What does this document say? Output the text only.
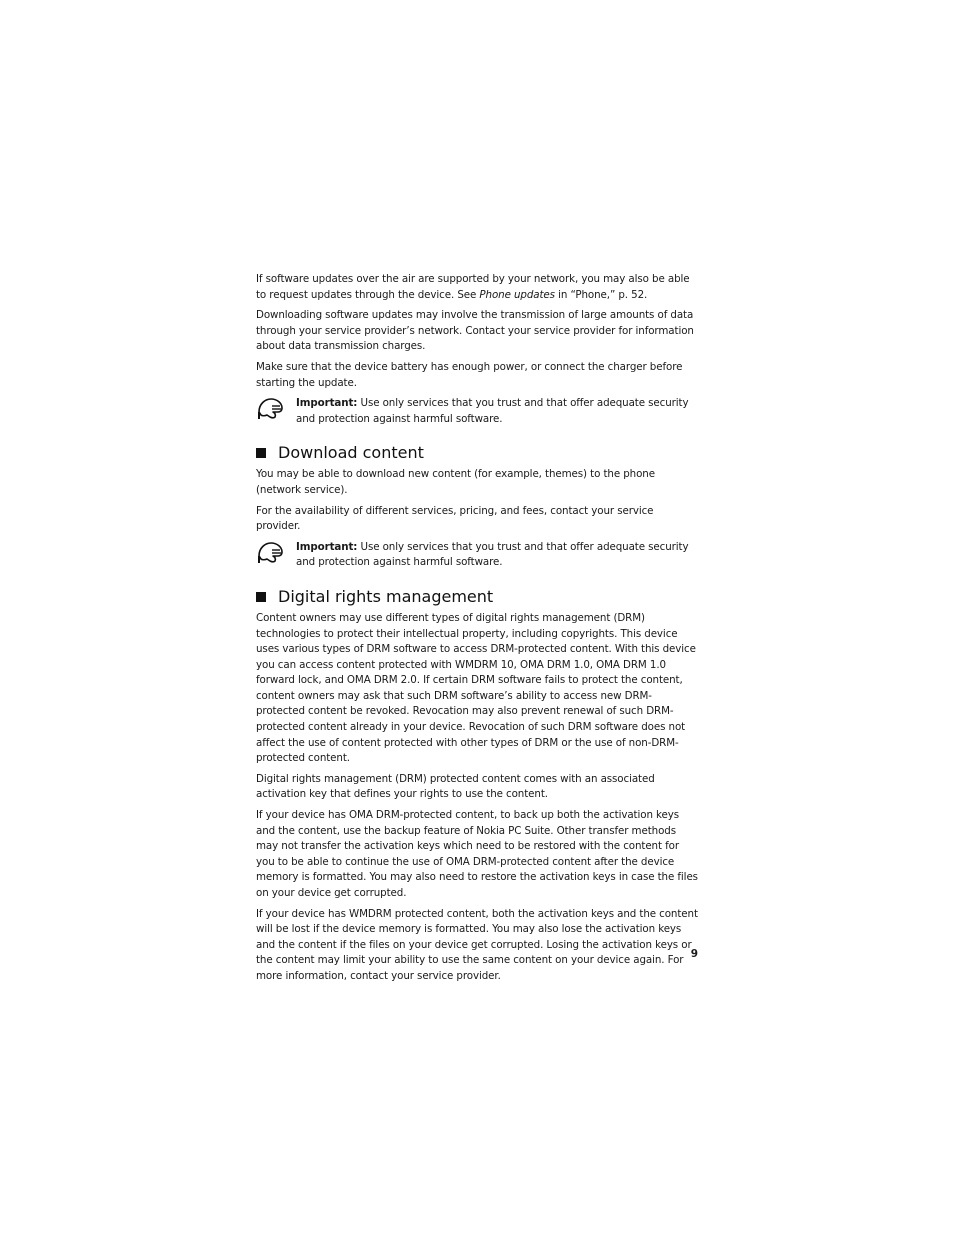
If software updates over the air are supported by your network, you may also be able to request updates through the device. See Phone updates in “Phone,” p. 52.

Downloading software updates may involve the transmission of large amounts of data through your service provider’s network. Contact your service provider for information about data transmission charges.

Make sure that the device battery has enough power, or connect the charger before starting the update.

Important: Use only services that you trust and that offer adequate security and protection against harmful software.
Download content

You may be able to download new content (for example, themes) to the phone (network service).

For the availability of different services, pricing, and fees, contact your service provider.

Important: Use only services that you trust and that offer adequate security and protection against harmful software.
Digital rights management

Content owners may use different types of digital rights management (DRM) technologies to protect their intellectual property, including copyrights. This device uses various types of DRM software to access DRM-protected content. With this device you can access content protected with WMDRM 10, OMA DRM 1.0, OMA DRM 1.0 forward lock, and OMA DRM 2.0. If certain DRM software fails to protect the content, content owners may ask that such DRM software’s ability to access new DRM-protected content be revoked. Revocation may also prevent renewal of such DRM-protected content already in your device. Revocation of such DRM software does not affect the use of content protected with other types of DRM or the use of non-DRM-protected content.

Digital rights management (DRM) protected content comes with an associated activation key that defines your rights to use the content.

If your device has OMA DRM-protected content, to back up both the activation keys and the content, use the backup feature of Nokia PC Suite. Other transfer methods may not transfer the activation keys which need to be restored with the content for you to be able to continue the use of OMA DRM-protected content after the device memory is formatted. You may also need to restore the activation keys in case the files on your device get corrupted.

If your device has WMDRM protected content, both the activation keys and the content will be lost if the device memory is formatted. You may also lose the activation keys and the content if the files on your device get corrupted. Losing the activation keys or the content may limit your ability to use the same content on your device again. For more information, contact your service provider.

9
